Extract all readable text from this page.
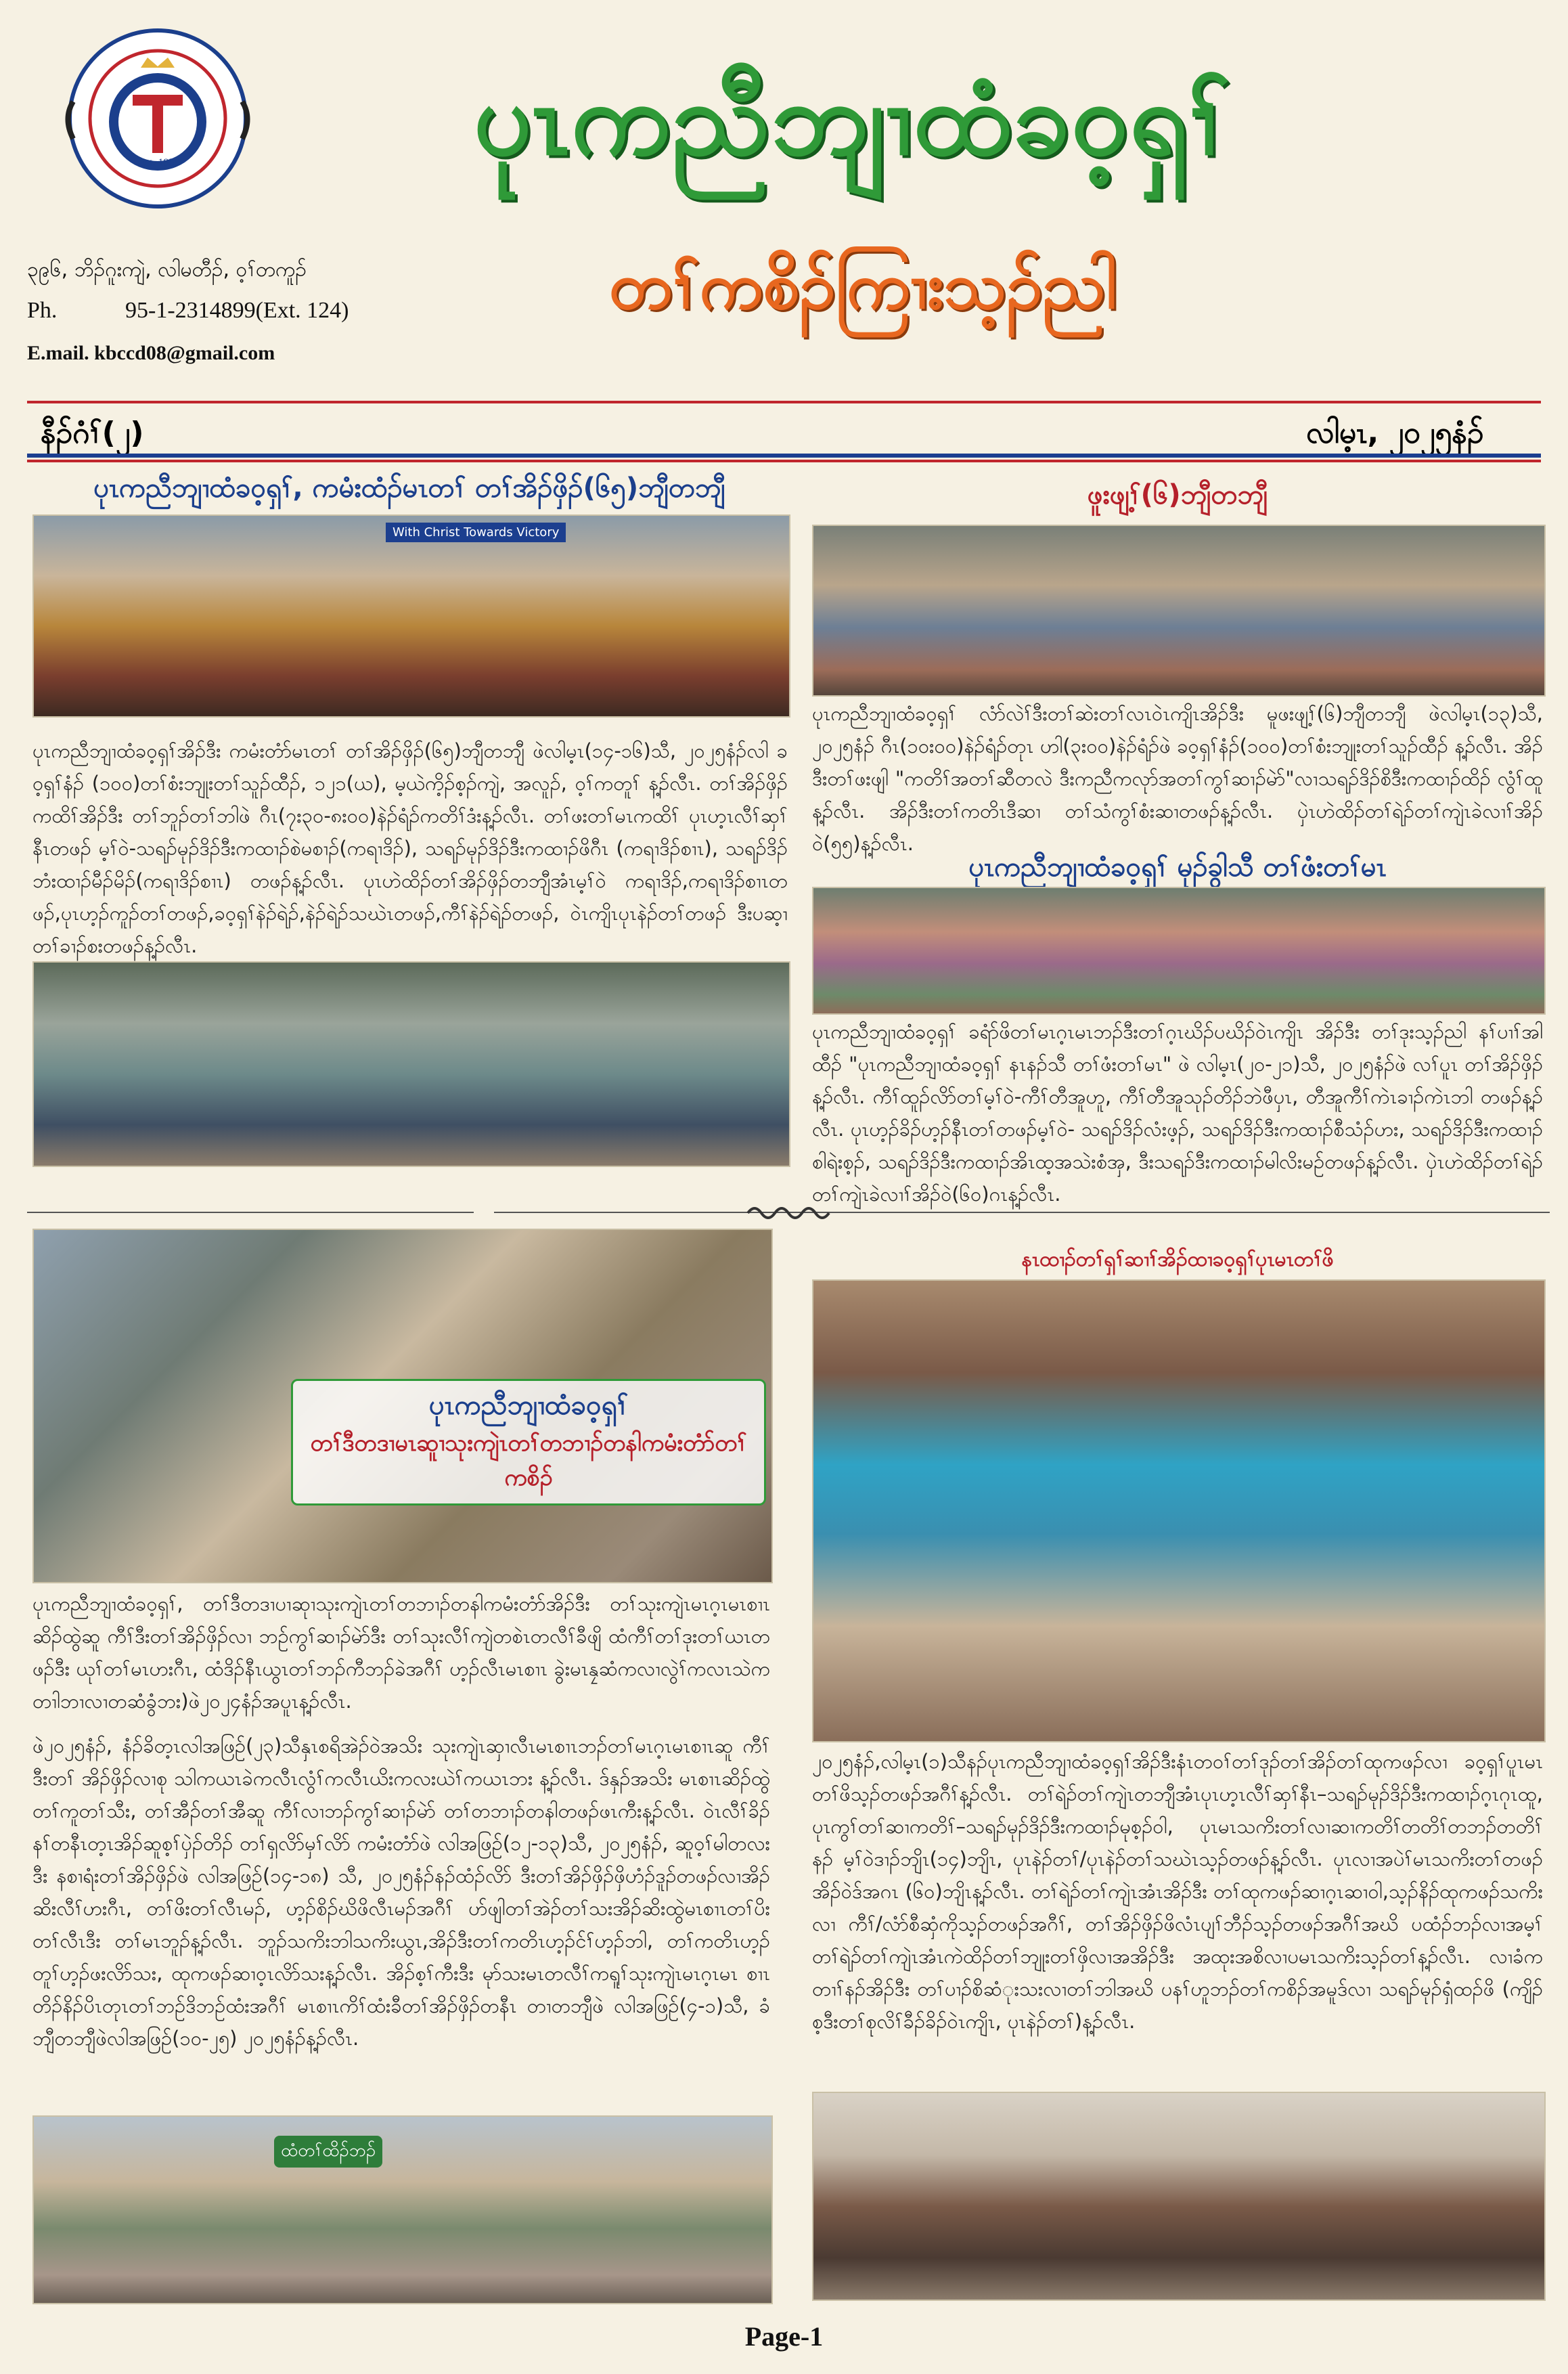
Est. 1955	ပုၤကညီဘျၢထံခဝ့ရှၢ်
တၢ်ကစိၣ်ကြၢးသ့ၣ်ညါ
၃၉၆, ဘိၣ်ဂူးကျဲ, လါမတီၣ်, ဝ့ၢ်တကူၣ်
Ph.	95-1-2314899(Ext. 124)
E.mail. kbccd08@gmail.com
နီၣ်ဂံၢ်(၂)	လါမ့ၤ, ၂၀၂၅နံၣ်
ပုၤကညီဘျၢထံခဝ့ရှၢ်, ကမံးထံၣ်မၤတၢ် တၢ်အိၣ်ဖှိၣ်(၆၅)ဘျီတဘျီ
With Christ Towards Victory
ပုၤကညီဘျၢထံခဝ့ရှၢ်အိၣ်ဒီး ကမံးတံာ်မၤတၢ် တၢ်အိၣ်ဖှိၣ်(၆၅)ဘျီတဘျီ ဖဲလါမ့ၤ(၁၄-၁၆)သီ, ၂၀၂၅နံၣ်လါ ခဝ့ရှၢ်နံၣ် (၁၀၀)တၢ်စံးဘျုးတၢ်သူၣ်ထီၣ်, ၁၂၁(ယ), မ့ယဲကိ့ၣ်စ့ၣ်ကျဲ, အလူၣ်, ဝ့ၢ်ကတူၢ် န့ၣ်လီၤ. တၢ်အိၣ်ဖှိၣ်ကထိၢ်အိၣ်ဒီး တၢ်ဘူၣ်တၢ်ဘါဖဲ ဂီၤ(၇း၃၀-၈း၀၀)နဲၣ်ရံၣ်ကတိၢ်ဒံးန့ၣ်လီၤ. တၢ်ဖးတၢ်မၤကထိၢ် ပုၤဟ့ၤလီၢ်ဆှၢ်နီၤတဖၣ် မ့ၢ်ဝဲ-သရၣ်မုၣ်ဒိၣ်ဒီးကထၢၣ်စဲမစၢၣ်(ကရၢဒိၣ်), သရၣ်မုၣ်ဒိၣ်ဒီးကထၢၣ်ဖိဂီၤ (ကရၢဒိၣ်စၢၤ), သရၣ်ဒိၣ်ဘံးထၢၣ်မီၣ်မိၣ်(ကရၢဒိၣ်စၢၤ) တဖၣ်န့ၣ်လီၤ. ပုၤဟဲထိၣ်တၢ်အိၣ်ဖှိၣ်တဘျီအံၤမ့ၢ်ဝဲ ကရၢဒိၣ်,ကရၢဒိၣ်စၢၤတဖၣ်,ပုၤဟ့ၣ်ကူၣ်တၢ်တဖၣ်,ခဝ့ရှၢ်နဲၣ်ရဲၣ်,နဲၣ်ရဲၣ်သဃဲၤတဖၣ်,ကီၢ်နဲၣ်ရဲၣ်တဖၣ်, ဝဲၤကျိၤပုၤနဲၣ်တၢ်တဖၣ် ဒီးပဆ့ၢတၢ်ခၢၣ်စးတဖၣ်န့ၣ်လီၤ.
ဖူးဖျ့ၢ်(၆)ဘျီတဘျီ
ပုၤကညီဘျၢထံခဝ့ရှၢ် လံာ်လဲၢ်ဒီးတၢ်ဆဲးတၢ်လၤဝဲၤကျိၤအိၣ်ဒီး မူဖးဖျ့ၢ်(၆)ဘျီတဘျီ ဖဲလါမ့ၤ(၁၃)သီ, ၂၀၂၅နံၣ် ဂီၤ(၁၀း၀၀)နဲၣ်ရံၣ်တုၤ ဟါ(၃း၀၀)နဲၣ်ရံၣ်ဖဲ ခဝ့ရှၢ်နံၣ်(၁၀၀)တၢ်စံးဘျုးတၢ်သူၣ်ထီၣ် န့ၣ်လီၤ. အိၣ်ဒီးတၢ်ဖးဖျါ "ကတိၢ်အတၢ်ဆီတလဲ ဒီးကညီကလုာ်အတၢ်ကွၢ်ဆၢၣ်မဲာ်"လၢသရၣ်ဒိၣ်စိဒီးကထၢၣ်ထိၣ် လွံၢ်ထူန့ၣ်လီၤ. အိၣ်ဒီးတၢ်ကတိၤဒီဆၢ တၢ်သံကွၢ်စံးဆၢတဖၣ်န့ၣ်လီၤ. ပှဲၤဟဲထိၣ်တၢ်ရဲၣ်တၢ်ကျဲၤခဲလၢၢ်အိၣ်ဝဲ(၅၅)န့ၣ်လီၤ.
ပုၤကညီဘျၢထံခဝ့ရှၢ် မုၣ်ခွါသီ တၢ်ဖံးတၢ်မၤ
ပုၤကညီဘျၢထံခဝ့ရှၢ် ခရံာ်ဖိတၢ်မၤဂ့ၤမၤဘၣ်ဒီးတၢ်ဂ့ၤဃိၣ်ပဃိၣ်ဝဲၤကျိၤ အိၣ်ဒီး တၢ်ဒုးသ့ၣ်ညါ နၢ်ပၢၢ်အါထီၣ် "ပုၤကညီဘျၢထံခဝ့ရှၢ် နၤနၣ်သီ တၢ်ဖံးတၢ်မၤ" ဖဲ လါမ့ၤ(၂၀-၂၁)သီ, ၂၀၂၅နံၣ်ဖဲ လၢ်ပူၤ တၢ်အိၣ်ဖှိၣ်န့ၣ်လီၤ. ကီၢ်ထူၣ်လိာ်တၢ်မ့ၢ်ဝဲ-ကီၢ်တီအူဟူ, ကီၢ်တီအူသုၣ်တိၣ်ဘဲဖီပှၤ, တီအူကီၢ်ကဲၤခၢၣ်ကဲၤဘါ တဖၣ်န့ၣ်လီၤ. ပုၤဟ့ၣ်ခိၣ်ဟ့ၣ်နီၤတၢ်တဖၣ်မ့ၢ်ဝဲ- သရၣ်ဒိၣ်လံးဖ့ၣ်, သရၣ်ဒိၣ်ဒီးကထၢၣ်စီသံၣ်ဟး, သရၣ်ဒိၣ်ဒီးကထၢၣ်စါရဲးစ့ၣ်, သရၣ်ဒိၣ်ဒီးကထၢၣ်အိၤထ့အသဲးစံအှ, ဒီးသရၣ်ဒီးကထၢၣ်မါလိးမဉ်တဖၣ်န့ၣ်လီၤ. ပှဲၤဟဲထိၣ်တၢ်ရဲၣ်တၢ်ကျဲၤခဲလၢၢ်အိၣ်ဝဲ(၆၀)ဂၤန့ၣ်လီၤ.
ပုၤကညီဘျၢထံခဝ့ရှၢ်
တၢ်ဒီတဒၢမၤဆူၢသုးကျဲၤတၢ်တဘၢၣ်တနါကမံးတံာ်တၢ်ကစိၣ်
ပုၤကညီဘျၢထံခဝ့ရှၢ်, တၢ်ဒီတဒၢပၢဆုၢသုးကျဲၤတၢ်တဘၢၣ်တနါကမံးတံာ်အိၣ်ဒီး တၢ်သုးကျဲၤမၤဂ့ၤမၤစၢၤဆိၣ်ထွဲဆူ ကီၢ်ဒီးတၢ်အိၣ်ဖှိၣ်လၢ ဘဉ်ကွၢ်ဆၢၣ်မဲာ်ဒီး တၢ်သုးလီၢ်ကျဲတစဲၤတလီၢ်ခီဖျိ ထံကီၢ်တၢ်ဒုးတၢ်ယၤတဖၣ်ဒီး ယုၢ်တၢ်မၤဟးဂီၤ, ထံဒိၣ်နီၤယွၤတၢ်ဘၣ်ကီဘၣ်ခဲအဂီၢ် ဟ့ၣ်လီၤမၤစၢၤ ခွဲးမၤနၠဆံကလၢလွဲၢ်ကလၤသဲကတၢါဘၢလၢတဆံခွံဘး)ဖဲ၂၀၂၄နံၣ်အပူၤန့ၣ်လီၤ.
ဖဲ၂၀၂၅နံၣ်, နံၣ်ခိတ့ၤလါအဖြဉ်(၂၃)သီနှၤစရိအဲၣ်ဝဲအသိး သုးကျဲၤဆှၢလီၤမၤစၢၤဘၣ်တၢ်မၤဂ့ၤမၤစၢၤဆူ ကီၢ်ဒီးတၢ် အိၣ်ဖှိၣ်လၢစု သါကယၤခဲကလီၤလွံၢ်ကလီၤယိးကလးယဲၢ်ကယၤဘး န့ၣ်လီၤ. ဒ်နှၣ်အသိး မၤစၢၤဆိၣ်ထွဲတၢ်ကူတၢ်သီး, တၢ်အီၣ်တၢ်အီဆူ ကီၢ်လၢဘၣ်ကွၢ်ဆၢၣ်မဲာ် တၢ်တဘၢၣ်တနါတဖၣ်ဖၤကီးန့ၣ်လီၤ. ဝဲၤလီၢ်ခိၣ်နၢ်တနီၤတ့ၤအိၣ်ဆူစ့ၢ်ပှဲၣ်တိၣ် တၢ်ရှလိာ်မှၢ်လိာ် ကမံးတံာ်ဖဲ လါအဖြဉ်(၁၂-၁၃)သီ, ၂၀၂၅နံၣ်, ဆူဝ့ၢ်မါတလးဒီး နစၢရံးတၢ်အိၣ်ဖှိၣ်ဖဲ လါအဖြဉ်(၁၄-၁၈) သီ, ၂၀၂၅နံၣ်နၣ်ထံၣ်လိာ် ဒီးတၢ်အိၣ်ဖှိၣ်ဖှိဟံၣ်ဒူၣ်တဖၣ်လၢအိၣ်ဆိးလီၢ်ဟးဂီၤ, တၢ်ဖိးတၢ်လီၤမၣ်, ဟ့ၣ်စိၣ်ဃိဖိလီၤမၣ်အဂီၢ် ဟ်ဖျါတၢ်အဲၣ်တၢ်သးအိၣ်ဆိးထွဲမၤစၢၤတၢ်ပိးတၢ်လီၤဒီး တၢ်မၤဘူၣ်န့ၣ်လီၤ. ဘူၣ်သကိးဘါသကိးယွၤ,အိၣ်ဒီးတၢ်ကတိၤဟ့ၣ်င်ၢ်ဟ့ၣ်ဘါ, တၢ်ကတိၤဟ့ၣ်တူၢ်ဟ့ၣ်ဖးလိာ်သး, ထုကဖၣ်ဆၢဝ့ၤလိာ်သးန့ၣ်လီၤ. အိၣ်စ့ၢ်ကီးဒီး မုာ်သးမၤတလီၢ်ကရူၢ်သုးကျဲၤမၤဂ့ၤမၤ စၢၤ တိၣ်နိၣ်ပိၤတုၤတၢ်ဘဉ်ဒိဘဉ်ထံးအဂီၢ် မၤစၢၤကိၢ်ထံးခီတၢ်အိၣ်ဖှိၣ်တနီၤ တၢတဘျီဖဲ လါအဖြဉ်(၄-၁)သီ, ခံဘျီတဘျီဖဲလါအဖြဉ်(၁၀-၂၅) ၂၀၂၅နံၣ်န့ၣ်လီၤ.
ထံတၢ်ထိၣ်ဘၣ်
နၤထၢၣ်တၢ်ရှၢ်ဆၢၢ်အိၣ်ထၢခဝ့ရှၢ်ပုၤမၤတၢ်ဖိ
၂၀၂၅နံၣ်,လါမ့ၤ(၁)သီနၣ်ပုၤကညီဘျၢထံခဝ့ရှၢ်အိၣ်ဒီးနံၤတဝၢ်တၢ်ဒုၣ်တၢ်အိၣ်တၢ်ထုကဖၣ်လၢ ခဝ့ရှၢ်ပူၤမၤတၢ်ဖိသ့ၣ်တဖၣ်အဂီၢ်န့ၣ်လီၤ. တၢ်ရဲၣ်တၢ်ကျဲၤတဘျီအံၤပုၤဟ့ၤလီၢ်ဆှၢ်နီၤ–သရၣ်မုၣ်ဒိၣ်ဒီးကထၢၣ်ဂ့ၤဂုၤထူ, ပုၤကွၢ်တၢ်ဆၢကတိၢ်–သရၣ်မုၣ်ဒိၣ်ဒီးကထၢၣ်မုစ့ၣ်ဝါ, ပုၤမၤသကိးတၢ်လၢဆၢကတိၢ်တတိၢ်တဘၣ်တတိၢ်နၣ် မ့ၢ်ဝဲဒၢၣ်ဘျိၤ(၁၄)ဘျိၤ, ပုၤနဲၣ်တၢ်/ပုၤနဲၣ်တၢ်သဃဲၤသ့ၣ်တဖၣ်န့ၣ်လီၤ. ပုၤလၢအပဲၢ်မၤသကိးတၢ်တဖၣ်အိၣ်ဝဲဒ်အဂၤ (၆၀)ဘျိၤန့ၣ်လီၤ. တၢ်ရဲၣ်တၢ်ကျဲၤအံၤအိၣ်ဒီး တၢ်ထုကဖၣ်ဆၢဂ့ၤဆၢဝါ,သ့ၣ်နိၣ်ထုကဖၣ်သကိးလၢ ကီၢ်/လံာ်စီဆှံကိုသ့ၣ်တဖၣ်အဂီၢ်, တၢ်အိၣ်ဖှိၣ်ဖိလံၤပျၢ်ဘီၣ်သ့ၣ်တဖၣ်အဂီၢ်အဃိ ပထံၣ်ဘၣ်လၢအမ့ၢ်တၢ်ရဲၣ်တၢ်ကျဲၤအံၤကဲထိၣ်တၢ်ဘျုးတၢ်ဖှိလၢအအိၣ်ဒီး အထုးအစိလၢပမၤသကိးသ့ၣ်တၢ်န့ၣ်လီၤ. လၢခံကတၢၢ်နၣ်အိၣ်ဒီး တၢ်ပၢၣ်စိဆံုးသးလၢတၢ်ဘါအဃိ ပနၢ်ဟူဘၣ်တၢ်ကစိၣ်အမူဒ်လၢ သရၣ်မုၣ်ရှံထၣ်ဖိ (ကျိၣ်စ့ဒီးတၢ်စုလိၢ်ခီၣ်ခိၣ်ဝဲၤကျိၤ, ပုၤနဲၣ်တၢ်)န့ၣ်လီၤ.
Page-1
